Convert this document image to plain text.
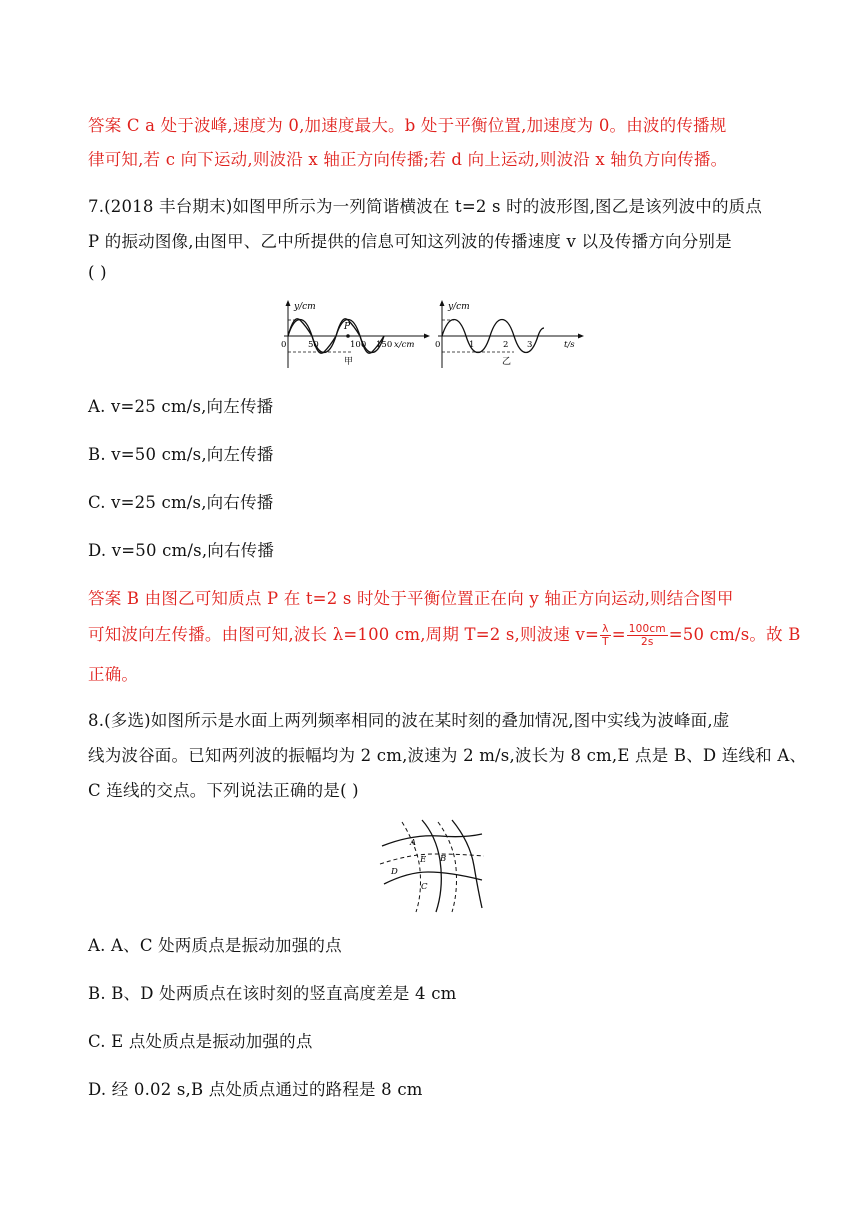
答案 C a 处于波峰,速度为 0,加速度最大。b 处于平衡位置,加速度为 0。由波的传播规
律可知,若 c 向下运动,则波沿 x 轴正方向传播;若 d 向上运动,则波沿 x 轴负方向传播。
7.(2018 丰台期末)如图甲所示为一列简谐横波在 t=2 s 时的波形图,图乙是该列波中的质点
P 的振动图像,由图甲、乙中所提供的信息可知这列波的传播速度 v 以及传播方向分别是
( )
y/cm
x/cm
0	50	100 150
P
甲
y/cm
t/s
0	1	2 3
乙
A. v=25 cm/s,向左传播
B. v=50 cm/s,向左传播
C. v=25 cm/s,向右传播
D. v=50 cm/s,向右传播
答案 B 由图乙可知质点 P 在 t=2 s 时处于平衡位置正在向 y 轴正方向运动,则结合图甲
可知波向左传播。由图可知,波长 λ=100 cm,周期 T=2 s,则波速 $v= \frac{\lambda}{T} = \frac{100cm}{2s} =50$ cm/s。故 B
正确。
8.(多选)如图所示是水面上两列频率相同的波在某时刻的叠加情况,图中实线为波峰面,虚
线为波谷面。已知两列波的振幅均为 2 cm,波速为 2 m/s,波长为 8 cm,E 点是 B、D 连线和 A、
C 连线的交点。下列说法正确的是( )
A
E B
D
C
A. A、C 处两质点是振动加强的点
B. B、D 处两质点在该时刻的竖直高度差是 4 cm
C. E 点处质点是振动加强的点
D. 经 0.02 s,B 点处质点通过的路程是 8 cm
